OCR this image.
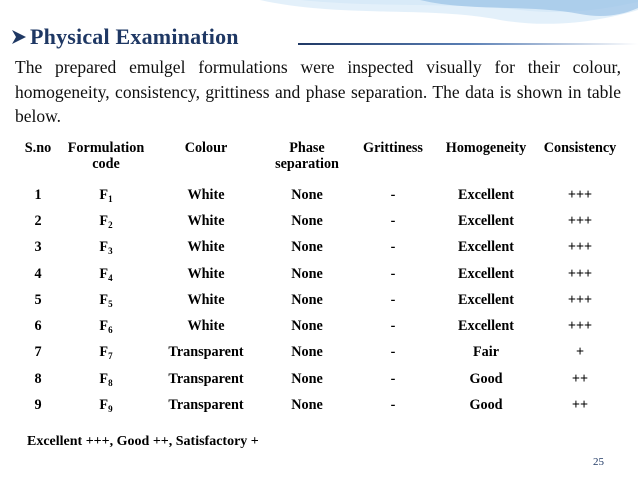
Physical Examination
The prepared emulgel formulations were inspected visually for their colour, homogeneity, consistency, grittiness and phase separation. The data is shown in table below.
S.no	Formulation code	Colour	Phase separation	Grittiness	Homogeneity	Consistency
1	$F_1$	White	None	-	Excellent	+++
2	$F_2$	White	None	-	Excellent	+++
3	$F_3$	White	None	-	Excellent	+++
4	$F_4$	White	None	-	Excellent	+++
5	$F_5$	White	None	-	Excellent	+++
6	$F_6$	White	None	-	Excellent	+++
7	$F_7$	Transparent	None	-	Fair	+
8	$F_8$	Transparent	None	-	Good	++
9	$F_9$	Transparent	None	-	Good	++
Excellent +++, Good ++, Satisfactory +
25
